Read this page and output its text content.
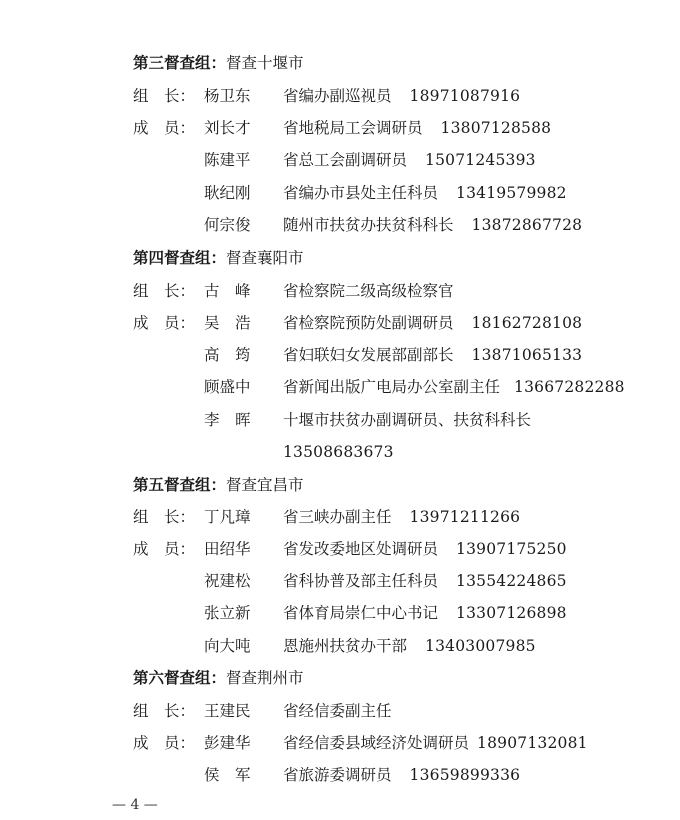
第三督查组：督查十堰市
组　长： 杨卫东 省编办副巡视员 18971087916
成　员： 刘长才 省地税局工会调研员 13807128588
陈建平 省总工会副调研员 15071245393
耿纪刚 省编办市县处主任科员 13419579982
何宗俊 随州市扶贫办扶贫科科长 13872867728
第四督查组：督查襄阳市
组　长： 古　峰 省检察院二级高级检察官
成　员： 吴　浩 省检察院预防处副调研员 18162728108
高　筠 省妇联妇女发展部副部长 13871065133
顾盛中 省新闻出版广电局办公室副主任 13667282288
李　晖 十堰市扶贫办副调研员、扶贫科科长
13508683673
第五督查组：督查宜昌市
组　长： 丁凡璋 省三峡办副主任 13971211266
成　员： 田绍华 省发改委地区处调研员 13907175250
祝建松 省科协普及部主任科员 13554224865
张立新 省体育局崇仁中心书记 13307126898
向大吨 恩施州扶贫办干部 13403007985
第六督查组：督查荆州市
组　长： 王建民 省经信委副主任
成　员： 彭建华 省经信委县域经济处调研员 18907132081
侯　军 省旅游委调研员 13659899336
— 4 —
